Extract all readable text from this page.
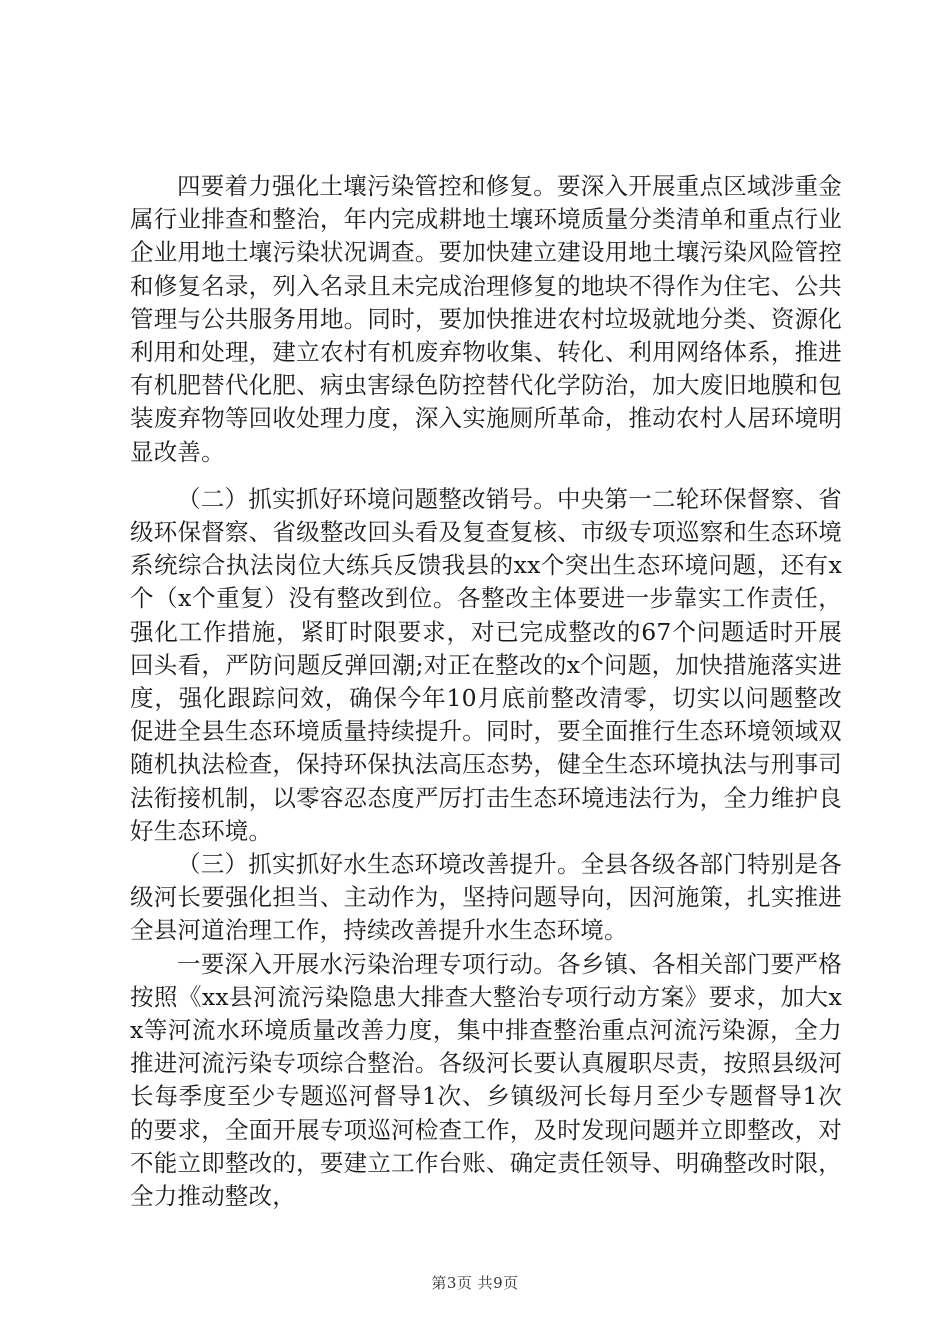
四要着力强化土壤污染管控和修复。要深入开展重点区域涉重金属行业排查和整治，年内完成耕地土壤环境质量分类清单和重点行业企业用地土壤污染状况调查。要加快建立建设用地土壤污染风险管控和修复名录，列入名录且未完成治理修复的地块不得作为住宅、公共管理与公共服务用地。同时，要加快推进农村垃圾就地分类、资源化利用和处理，建立农村有机废弃物收集、转化、利用网络体系，推进有机肥替代化肥、病虫害绿色防控替代化学防治，加大废旧地膜和包装废弃物等回收处理力度，深入实施厕所革命，推动农村人居环境明显改善。

（二）抓实抓好环境问题整改销号。中央第一二轮环保督察、省级环保督察、省级整改回头看及复查复核、市级专项巡察和生态环境系统综合执法岗位大练兵反馈我县的xx个突出生态环境问题，还有x个（x个重复）没有整改到位。各整改主体要进一步靠实工作责任，强化工作措施，紧盯时限要求，对已完成整改的67个问题适时开展回头看，严防问题反弹回潮;对正在整改的x个问题，加快措施落实进度，强化跟踪问效，确保今年10月底前整改清零，切实以问题整改促进全县生态环境质量持续提升。同时，要全面推行生态环境领域双随机执法检查，保持环保执法高压态势，健全生态环境执法与刑事司法衔接机制，以零容忍态度严厉打击生态环境违法行为，全力维护良好生态环境。

（三）抓实抓好水生态环境改善提升。全县各级各部门特别是各级河长要强化担当、主动作为，坚持问题导向，因河施策，扎实推进全县河道治理工作，持续改善提升水生态环境。

一要深入开展水污染治理专项行动。各乡镇、各相关部门要严格按照《xx县河流污染隐患大排查大整治专项行动方案》要求，加大xx等河流水环境质量改善力度，集中排查整治重点河流污染源，全力推进河流污染专项综合整治。各级河长要认真履职尽责，按照县级河长每季度至少专题巡河督导1次、乡镇级河长每月至少专题督导1次的要求，全面开展专项巡河检查工作，及时发现问题并立即整改，对不能立即整改的，要建立工作台账、确定责任领导、明确整改时限，全力推动整改，

第3页 共9页
